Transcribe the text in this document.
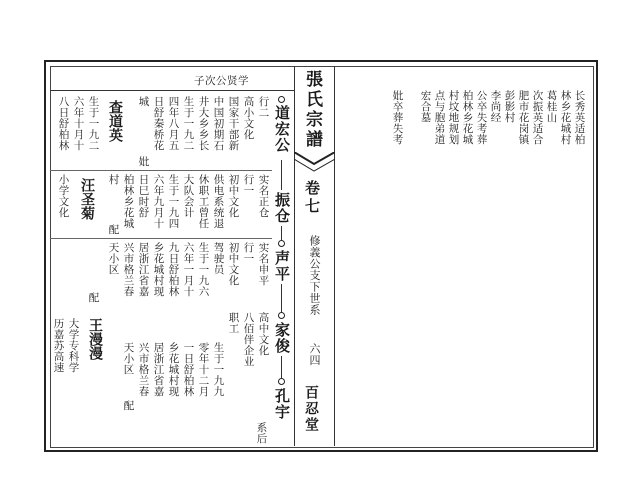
張氏宗譜
卷七
修義公支下世系
六四
百忍堂
子次公贤学
道宏公
振仓
声平
家俊
孔宇
系后
行二
高小文化
国家干部新
中国初期石
井大乡乡长
生于一九二
四年八月五
日舒秦桥花
城
妣
查道英
生于一九二
六年十月十
八日舒柏林
实名正仓
行一
初中文化
供电系统退
休职工曾任
大队会计
生于一九四
六年九月十
日巳时舒
柏林乡花城
村
配
汪圣菊
小学文化
实名申平
行一
初中文化
驾驶员
生于一九六
六年一月十
九日舒柏林
乡花城村现
居浙江省嘉
兴市格兰春
天小区
配
高中文化
八佰伴企业
职工
生于一九九
零年十二月
一日舒柏林
乡花城村现
居浙江省嘉
兴市格兰春
天小区
配
王漫漫
大学专科学
历嘉苏高速
长秀英适柏
林乡花城村
葛桂山
次振英适合
肥市花岗镇
彭影村
李尚经
公卒失考葬
柏林乡花城
村坟地规划
点与胞弟道
宏合墓
妣卒葬失考
